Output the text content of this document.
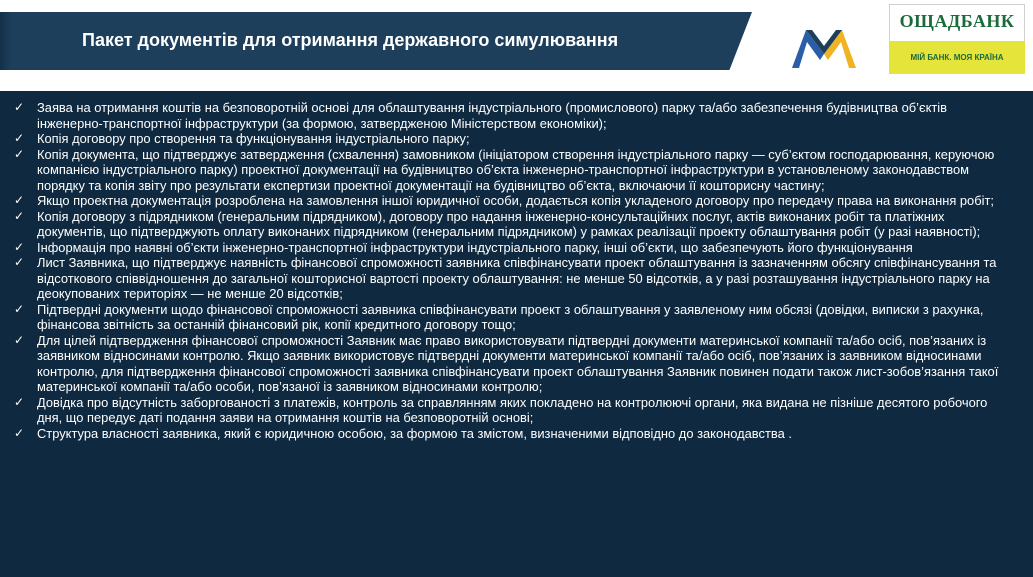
Пакет документів для отримання державного симулювання
ОЩАДБАНК
МІЙ БАНК. МОЯ КРАЇНА
✓ Заява на отримання коштів на безповоротній основі для облаштування індустріального (промислового) парку та/або забезпечення будівництва об’єктів інженерно-транспортної інфраструктури (за формою, затвердженою Міністерством економіки);
✓ Копія договору про створення та функціонування індустріального парку;
✓ Копія документа, що підтверджує затвердження (схвалення) замовником (ініціатором створення індустріального парку — суб’єктом господарювання, керуючою компанією індустріального парку) проектної документації на будівництво об’єкта інженерно-транспортної інфраструктури в установленому законодавством порядку та копія звіту про результати експертизи проектної документації на будівництво об’єкта, включаючи її кошторисну частину;
✓ Якщо проектна документація розроблена на замовлення іншої юридичної особи, додається копія укладеного договору про передачу права на виконання робіт;
✓ Копія договору з підрядником (генеральним підрядником), договору про надання інженерно-консультаційних послуг, актів виконаних робіт та платіжних документів, що підтверджують оплату виконаних підрядником (генеральним підрядником) у рамках реалізації проекту облаштування робіт (у разі наявності);
✓ Інформація про наявні об’єкти інженерно-транспортної інфраструктури індустріального парку, інші об’єкти, що забезпечують його функціонування
✓ Лист Заявника, що підтверджує наявність фінансової спроможності заявника співфінансувати проект облаштування із зазначенням обсягу співфінансування та відсоткового співвідношення до загальної кошторисної вартості проекту облаштування: не менше 50 відсотків, а у разі розташування індустріального парку на деокупованих територіях — не менше 20 відсотків;
✓ Підтвердні документи щодо фінансової спроможності заявника співфінансувати проект з облаштування у заявленому ним обсязі (довідки, виписки з рахунка, фінансова звітність за останній фінансовий рік, копії кредитного договору тощо;
✓ Для цілей підтвердження фінансової спроможності Заявник має право використовувати підтвердні документи материнської компанії та/або осіб, пов’язаних із заявником відносинами контролю. Якщо заявник використовує підтвердні документи материнської компанії та/або осіб, пов’язаних із заявником відносинами контролю, для підтвердження фінансової спроможності заявника співфінансувати проект облаштування Заявник повинен подати також лист-зобов’язання такої материнської компанії та/або особи, пов’язаної із заявником відносинами контролю;
✓ Довідка про відсутність заборгованості з платежів, контроль за справлянням яких покладено на контролюючі органи, яка видана не пізніше десятого робочого дня, що передує даті подання заяви на отримання коштів на безповоротній основі;
✓ Структура власності заявника, який є юридичною особою, за формою та змістом, визначеними відповідно до законодавства .
